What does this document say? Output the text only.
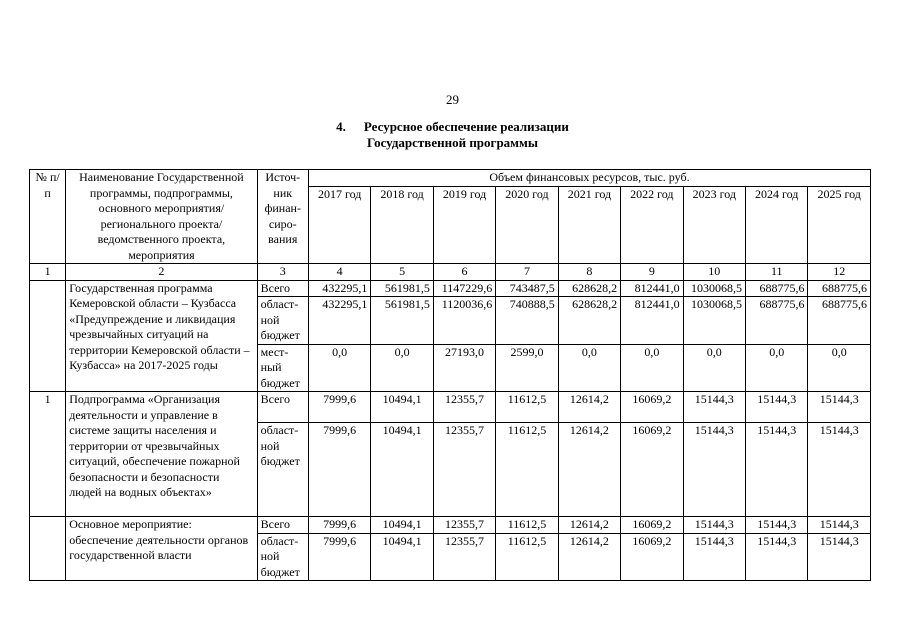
29
4. Ресурсное обеспечение реализации
Государственной программы
№ п/п	Наименование Государственной программы, подпрограммы, основного мероприятия/регионального проекта/ведомственного проекта, мероприятия	Источ-ник финан-сиро-вания	Объем финансовых ресурсов, тыс. руб.								
			2017 год	2018 год	2019 год	2020 год	2021 год	2022 год	2023 год	2024 год	2025 год
1	2	3	4	5	6	7	8	9	10	11	12
	Государственная программа Кемеровской области – Кузбасса «Предупреждение и ликвидация чрезвычайных ситуаций на территории Кемеровской области – Кузбасса» на 2017-2025 годы	Всего	432295,1	561981,5	1147229,6	743487,5	628628,2	812441,0	1030068,5	688775,6	688775,6
		област-ной бюджет	432295,1	561981,5	1120036,6	740888,5	628628,2	812441,0	1030068,5	688775,6	688775,6
		мест-ный бюджет	0,0	0,0	27193,0	2599,0	0,0	0,0	0,0	0,0	0,0
1	Подпрограмма «Организация деятельности и управление в системе защиты населения и территории от чрезвычайных ситуаций, обеспечение пожарной безопасности и безопасности людей на водных объектах»	Всего	7999,6	10494,1	12355,7	11612,5	12614,2	16069,2	15144,3	15144,3	15144,3
		област-ной бюджет	7999,6	10494,1	12355,7	11612,5	12614,2	16069,2	15144,3	15144,3	15144,3
	Основное мероприятие: обеспечение деятельности органов государственной власти	Всего	7999,6	10494,1	12355,7	11612,5	12614,2	16069,2	15144,3	15144,3	15144,3
		област-ной бюджет	7999,6	10494,1	12355,7	11612,5	12614,2	16069,2	15144,3	15144,3	15144,3
